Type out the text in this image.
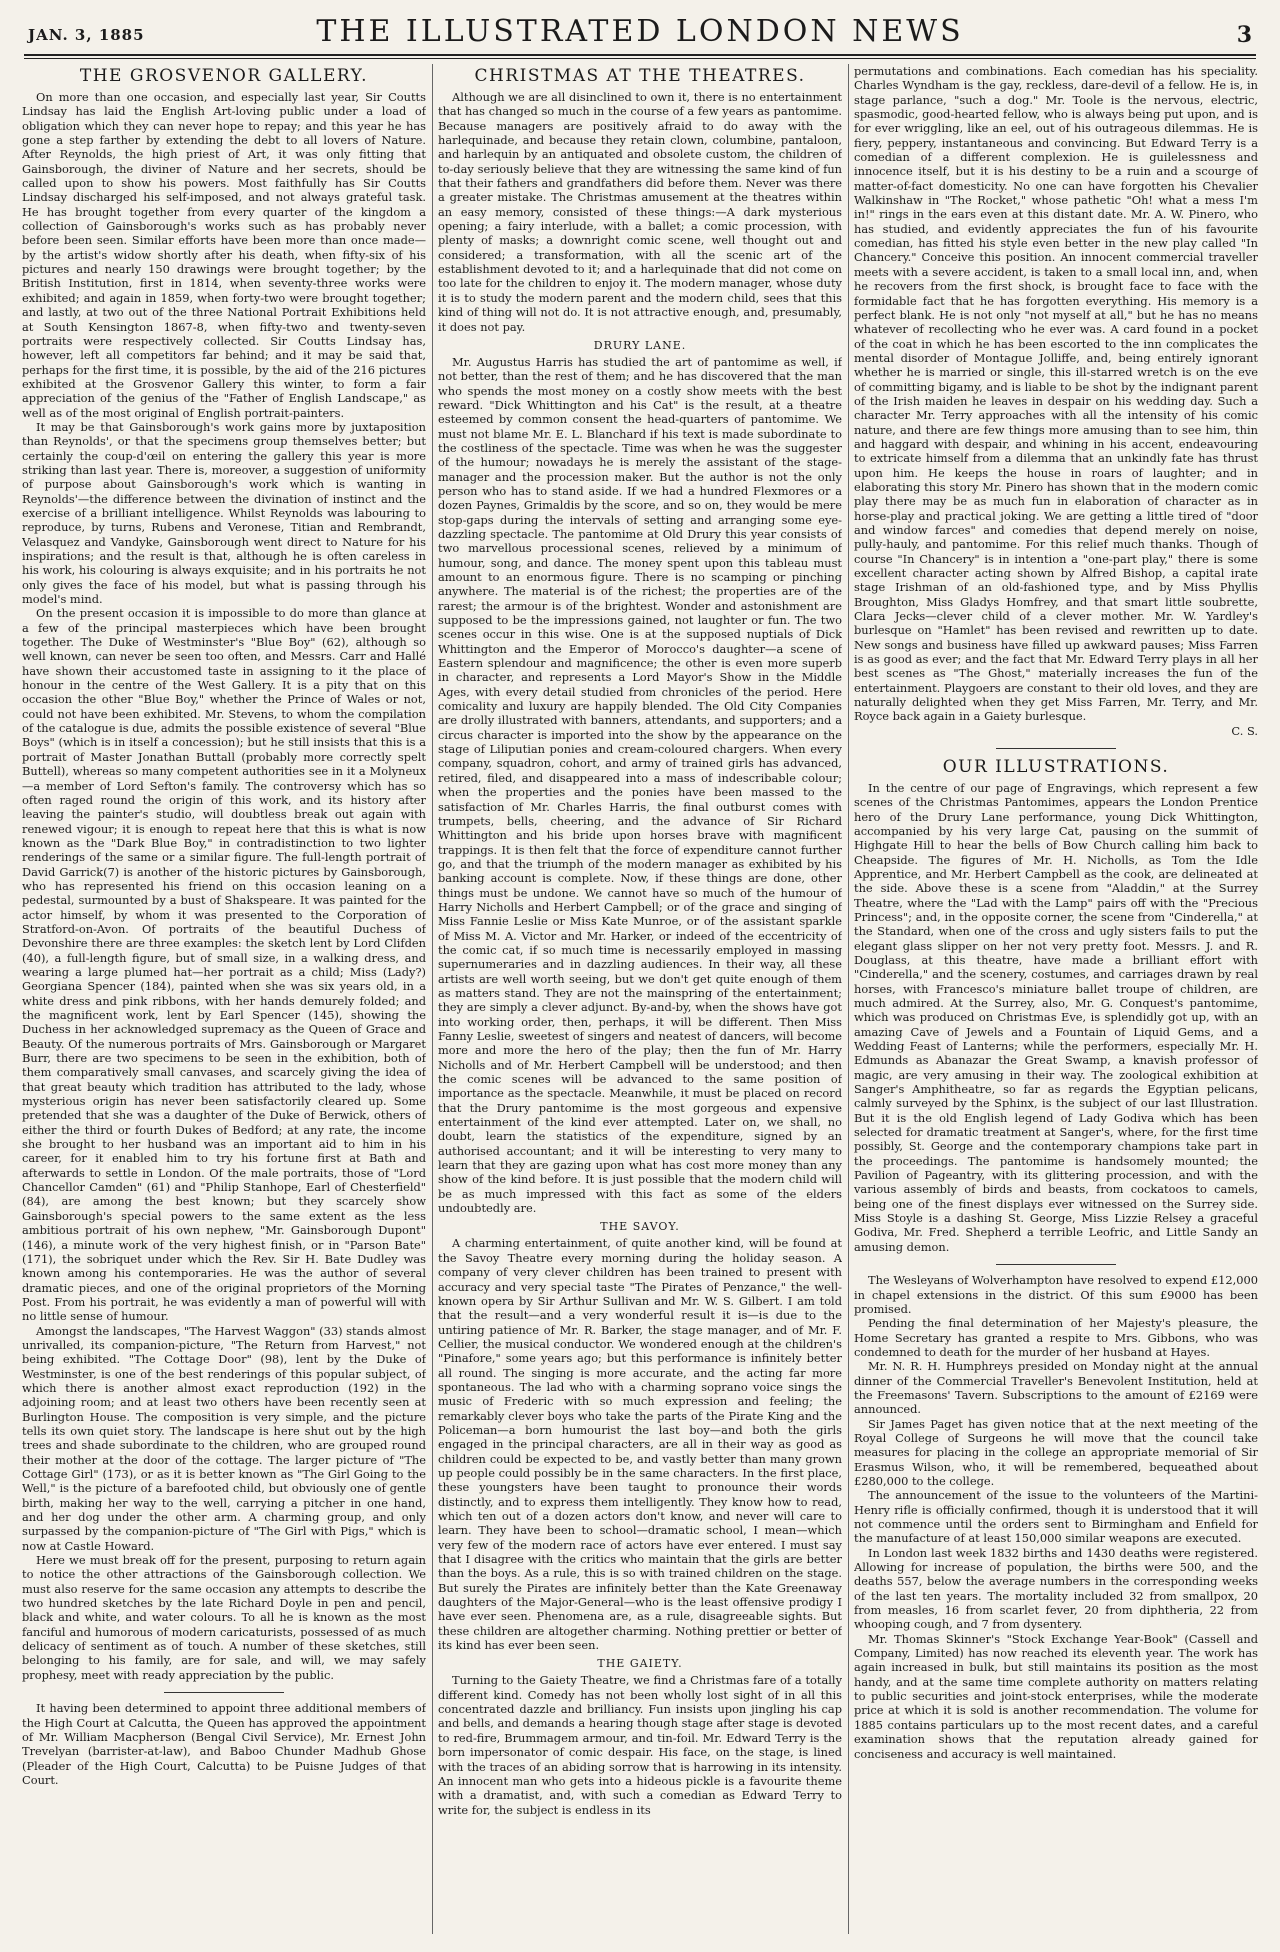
JAN. 3, 1885	THE ILLUSTRATED LONDON NEWS	3
THE GROSVENOR GALLERY.

On more than one occasion, and especially last year, Sir Coutts Lindsay has laid the English Art-loving public under a load of obligation which they can never hope to repay; and this year he has gone a step farther by extending the debt to all lovers of Nature. After Reynolds, the high priest of Art, it was only fitting that Gainsborough, the diviner of Nature and her secrets, should be called upon to show his powers. Most faithfully has Sir Coutts Lindsay discharged his self-imposed, and not always grateful task. He has brought together from every quarter of the kingdom a collection of Gainsborough's works such as has probably never before been seen. Similar efforts have been more than once made—by the artist's widow shortly after his death, when fifty-six of his pictures and nearly 150 drawings were brought together; by the British Institution, first in 1814, when seventy-three works were exhibited; and again in 1859, when forty-two were brought together; and lastly, at two out of the three National Portrait Exhibitions held at South Kensington 1867-8, when fifty-two and twenty-seven portraits were respectively collected. Sir Coutts Lindsay has, however, left all competitors far behind; and it may be said that, perhaps for the first time, it is possible, by the aid of the 216 pictures exhibited at the Grosvenor Gallery this winter, to form a fair appreciation of the genius of the "Father of English Landscape," as well as of the most original of English portrait-painters.

It may be that Gainsborough's work gains more by juxtaposition than Reynolds', or that the specimens group themselves better; but certainly the coup-d'œil on entering the gallery this year is more striking than last year. There is, moreover, a suggestion of uniformity of purpose about Gainsborough's work which is wanting in Reynolds'—the difference between the divination of instinct and the exercise of a brilliant intelligence. Whilst Reynolds was labouring to reproduce, by turns, Rubens and Veronese, Titian and Rembrandt, Velasquez and Vandyke, Gainsborough went direct to Nature for his inspirations; and the result is that, although he is often careless in his work, his colouring is always exquisite; and in his portraits he not only gives the face of his model, but what is passing through his model's mind.

On the present occasion it is impossible to do more than glance at a few of the principal masterpieces which have been brought together. The Duke of Westminster's "Blue Boy" (62), although so well known, can never be seen too often, and Messrs. Carr and Hallé have shown their accustomed taste in assigning to it the place of honour in the centre of the West Gallery. It is a pity that on this occasion the other "Blue Boy," whether the Prince of Wales or not, could not have been exhibited. Mr. Stevens, to whom the compilation of the catalogue is due, admits the possible existence of several "Blue Boys" (which is in itself a concession); but he still insists that this is a portrait of Master Jonathan Buttall (probably more correctly spelt Buttell), whereas so many competent authorities see in it a Molyneux—a member of Lord Sefton's family. The controversy which has so often raged round the origin of this work, and its history after leaving the painter's studio, will doubtless break out again with renewed vigour; it is enough to repeat here that this is what is now known as the "Dark Blue Boy," in contradistinction to two lighter renderings of the same or a similar figure. The full-length portrait of David Garrick(7) is another of the historic pictures by Gainsborough, who has represented his friend on this occasion leaning on a pedestal, surmounted by a bust of Shakspeare. It was painted for the actor himself, by whom it was presented to the Corporation of Stratford-on-Avon. Of portraits of the beautiful Duchess of Devonshire there are three examples: the sketch lent by Lord Clifden (40), a full-length figure, but of small size, in a walking dress, and wearing a large plumed hat—her portrait as a child; Miss (Lady?) Georgiana Spencer (184), painted when she was six years old, in a white dress and pink ribbons, with her hands demurely folded; and the magnificent work, lent by Earl Spencer (145), showing the Duchess in her acknowledged supremacy as the Queen of Grace and Beauty. Of the numerous portraits of Mrs. Gainsborough or Margaret Burr, there are two specimens to be seen in the exhibition, both of them comparatively small canvases, and scarcely giving the idea of that great beauty which tradition has attributed to the lady, whose mysterious origin has never been satisfactorily cleared up. Some pretended that she was a daughter of the Duke of Berwick, others of either the third or fourth Dukes of Bedford; at any rate, the income she brought to her husband was an important aid to him in his career, for it enabled him to try his fortune first at Bath and afterwards to settle in London. Of the male portraits, those of "Lord Chancellor Camden" (61) and "Philip Stanhope, Earl of Chesterfield" (84), are among the best known; but they scarcely show Gainsborough's special powers to the same extent as the less ambitious portrait of his own nephew, "Mr. Gainsborough Dupont" (146), a minute work of the very highest finish, or in "Parson Bate" (171), the sobriquet under which the Rev. Sir H. Bate Dudley was known among his contemporaries. He was the author of several dramatic pieces, and one of the original proprietors of the Morning Post. From his portrait, he was evidently a man of powerful will with no little sense of humour.

Amongst the landscapes, "The Harvest Waggon" (33) stands almost unrivalled, its companion-picture, "The Return from Harvest," not being exhibited. "The Cottage Door" (98), lent by the Duke of Westminster, is one of the best renderings of this popular subject, of which there is another almost exact reproduction (192) in the adjoining room; and at least two others have been recently seen at Burlington House. The composition is very simple, and the picture tells its own quiet story. The landscape is here shut out by the high trees and shade subordinate to the children, who are grouped round their mother at the door of the cottage. The larger picture of "The Cottage Girl" (173), or as it is better known as "The Girl Going to the Well," is the picture of a barefooted child, but obviously one of gentle birth, making her way to the well, carrying a pitcher in one hand, and her dog under the other arm. A charming group, and only surpassed by the companion-picture of "The Girl with Pigs," which is now at Castle Howard.

Here we must break off for the present, purposing to return again to notice the other attractions of the Gainsborough collection. We must also reserve for the same occasion any attempts to describe the two hundred sketches by the late Richard Doyle in pen and pencil, black and white, and water colours. To all he is known as the most fanciful and humorous of modern caricaturists, possessed of as much delicacy of sentiment as of touch. A number of these sketches, still belonging to his family, are for sale, and will, we may safely prophesy, meet with ready appreciation by the public.

It having been determined to appoint three additional members of the High Court at Calcutta, the Queen has approved the appointment of Mr. William Macpherson (Bengal Civil Service), Mr. Ernest John Trevelyan (barrister-at-law), and Baboo Chunder Madhub Ghose (Pleader of the High Court, Calcutta) to be Puisne Judges of that Court.

CHRISTMAS AT THE THEATRES.

Although we are all disinclined to own it, there is no entertainment that has changed so much in the course of a few years as pantomime. Because managers are positively afraid to do away with the harlequinade, and because they retain clown, columbine, pantaloon, and harlequin by an antiquated and obsolete custom, the children of to-day seriously believe that they are witnessing the same kind of fun that their fathers and grandfathers did before them. Never was there a greater mistake. The Christmas amusement at the theatres within an easy memory, consisted of these things:—A dark mysterious opening; a fairy interlude, with a ballet; a comic procession, with plenty of masks; a downright comic scene, well thought out and considered; a transformation, with all the scenic art of the establishment devoted to it; and a harlequinade that did not come on too late for the children to enjoy it. The modern manager, whose duty it is to study the modern parent and the modern child, sees that this kind of thing will not do. It is not attractive enough, and, presumably, it does not pay.

DRURY LANE.

Mr. Augustus Harris has studied the art of pantomime as well, if not better, than the rest of them; and he has discovered that the man who spends the most money on a costly show meets with the best reward. "Dick Whittington and his Cat" is the result, at a theatre esteemed by common consent the head-quarters of pantomime. We must not blame Mr. E. L. Blanchard if his text is made subordinate to the costliness of the spectacle. Time was when he was the suggester of the humour; nowadays he is merely the assistant of the stage-manager and the procession maker. But the author is not the only person who has to stand aside. If we had a hundred Flexmores or a dozen Paynes, Grimaldis by the score, and so on, they would be mere stop-gaps during the intervals of setting and arranging some eye-dazzling spectacle. The pantomime at Old Drury this year consists of two marvellous processional scenes, relieved by a minimum of humour, song, and dance. The money spent upon this tableau must amount to an enormous figure. There is no scamping or pinching anywhere. The material is of the richest; the properties are of the rarest; the armour is of the brightest. Wonder and astonishment are supposed to be the impressions gained, not laughter or fun. The two scenes occur in this wise. One is at the supposed nuptials of Dick Whittington and the Emperor of Morocco's daughter—a scene of Eastern splendour and magnificence; the other is even more superb in character, and represents a Lord Mayor's Show in the Middle Ages, with every detail studied from chronicles of the period. Here comicality and luxury are happily blended. The Old City Companies are drolly illustrated with banners, attendants, and supporters; and a circus character is imported into the show by the appearance on the stage of Liliputian ponies and cream-coloured chargers. When every company, squadron, cohort, and army of trained girls has advanced, retired, filed, and disappeared into a mass of indescribable colour; when the properties and the ponies have been massed to the satisfaction of Mr. Charles Harris, the final outburst comes with trumpets, bells, cheering, and the advance of Sir Richard Whittington and his bride upon horses brave with magnificent trappings. It is then felt that the force of expenditure cannot further go, and that the triumph of the modern manager as exhibited by his banking account is complete. Now, if these things are done, other things must be undone. We cannot have so much of the humour of Harry Nicholls and Herbert Campbell; or of the grace and singing of Miss Fannie Leslie or Miss Kate Munroe, or of the assistant sparkle of Miss M. A. Victor and Mr. Harker, or indeed of the eccentricity of the comic cat, if so much time is necessarily employed in massing supernumeraries and in dazzling audiences. In their way, all these artists are well worth seeing, but we don't get quite enough of them as matters stand. They are not the mainspring of the entertainment; they are simply a clever adjunct. By-and-by, when the shows have got into working order, then, perhaps, it will be different. Then Miss Fanny Leslie, sweetest of singers and neatest of dancers, will become more and more the hero of the play; then the fun of Mr. Harry Nicholls and of Mr. Herbert Campbell will be understood; and then the comic scenes will be advanced to the same position of importance as the spectacle. Meanwhile, it must be placed on record that the Drury pantomime is the most gorgeous and expensive entertainment of the kind ever attempted. Later on, we shall, no doubt, learn the statistics of the expenditure, signed by an authorised accountant; and it will be interesting to very many to learn that they are gazing upon what has cost more money than any show of the kind before. It is just possible that the modern child will be as much impressed with this fact as some of the elders undoubtedly are.

THE SAVOY.

A charming entertainment, of quite another kind, will be found at the Savoy Theatre every morning during the holiday season. A company of very clever children has been trained to present with accuracy and very special taste "The Pirates of Penzance," the well-known opera by Sir Arthur Sullivan and Mr. W. S. Gilbert. I am told that the result—and a very wonderful result it is—is due to the untiring patience of Mr. R. Barker, the stage manager, and of Mr. F. Cellier, the musical conductor. We wondered enough at the children's "Pinafore," some years ago; but this performance is infinitely better all round. The singing is more accurate, and the acting far more spontaneous. The lad who with a charming soprano voice sings the music of Frederic with so much expression and feeling; the remarkably clever boys who take the parts of the Pirate King and the Policeman—a born humourist the last boy—and both the girls engaged in the principal characters, are all in their way as good as children could be expected to be, and vastly better than many grown up people could possibly be in the same characters. In the first place, these youngsters have been taught to pronounce their words distinctly, and to express them intelligently. They know how to read, which ten out of a dozen actors don't know, and never will care to learn. They have been to school—dramatic school, I mean—which very few of the modern race of actors have ever entered. I must say that I disagree with the critics who maintain that the girls are better than the boys. As a rule, this is so with trained children on the stage. But surely the Pirates are infinitely better than the Kate Greenaway daughters of the Major-General—who is the least offensive prodigy I have ever seen. Phenomena are, as a rule, disagreeable sights. But these children are altogether charming. Nothing prettier or better of its kind has ever been seen.

THE GAIETY.

Turning to the Gaiety Theatre, we find a Christmas fare of a totally different kind. Comedy has not been wholly lost sight of in all this concentrated dazzle and brilliancy. Fun insists upon jingling his cap and bells, and demands a hearing though stage after stage is devoted to red-fire, Brummagem armour, and tin-foil. Mr. Edward Terry is the born impersonator of comic despair. His face, on the stage, is lined with the traces of an abiding sorrow that is harrowing in its intensity. An innocent man who gets into a hideous pickle is a favourite theme with a dramatist, and, with such a comedian as Edward Terry to write for, the subject is endless in its

permutations and combinations. Each comedian has his speciality. Charles Wyndham is the gay, reckless, dare-devil of a fellow. He is, in stage parlance, "such a dog." Mr. Toole is the nervous, electric, spasmodic, good-hearted fellow, who is always being put upon, and is for ever wriggling, like an eel, out of his outrageous dilemmas. He is fiery, peppery, instantaneous and convincing. But Edward Terry is a comedian of a different complexion. He is guilelessness and innocence itself, but it is his destiny to be a ruin and a scourge of matter-of-fact domesticity. No one can have forgotten his Chevalier Walkinshaw in "The Rocket," whose pathetic "Oh! what a mess I'm in!" rings in the ears even at this distant date. Mr. A. W. Pinero, who has studied, and evidently appreciates the fun of his favourite comedian, has fitted his style even better in the new play called "In Chancery." Conceive this position. An innocent commercial traveller meets with a severe accident, is taken to a small local inn, and, when he recovers from the first shock, is brought face to face with the formidable fact that he has forgotten everything. His memory is a perfect blank. He is not only "not myself at all," but he has no means whatever of recollecting who he ever was. A card found in a pocket of the coat in which he has been escorted to the inn complicates the mental disorder of Montague Jolliffe, and, being entirely ignorant whether he is married or single, this ill-starred wretch is on the eve of committing bigamy, and is liable to be shot by the indignant parent of the Irish maiden he leaves in despair on his wedding day. Such a character Mr. Terry approaches with all the intensity of his comic nature, and there are few things more amusing than to see him, thin and haggard with despair, and whining in his accent, endeavouring to extricate himself from a dilemma that an unkindly fate has thrust upon him. He keeps the house in roars of laughter; and in elaborating this story Mr. Pinero has shown that in the modern comic play there may be as much fun in elaboration of character as in horse-play and practical joking. We are getting a little tired of "door and window farces" and comedies that depend merely on noise, pully-hauly, and pantomime. For this relief much thanks. Though of course "In Chancery" is in intention a "one-part play," there is some excellent character acting shown by Alfred Bishop, a capital irate stage Irishman of an old-fashioned type, and by Miss Phyllis Broughton, Miss Gladys Homfrey, and that smart little soubrette, Clara Jecks—clever child of a clever mother. Mr. W. Yardley's burlesque on "Hamlet" has been revised and rewritten up to date. New songs and business have filled up awkward pauses; Miss Farren is as good as ever; and the fact that Mr. Edward Terry plays in all her best scenes as "The Ghost," materially increases the fun of the entertainment. Playgoers are constant to their old loves, and they are naturally delighted when they get Miss Farren, Mr. Terry, and Mr. Royce back again in a Gaiety burlesque.

C. S.
OUR ILLUSTRATIONS.

In the centre of our page of Engravings, which represent a few scenes of the Christmas Pantomimes, appears the London Prentice hero of the Drury Lane performance, young Dick Whittington, accompanied by his very large Cat, pausing on the summit of Highgate Hill to hear the bells of Bow Church calling him back to Cheapside. The figures of Mr. H. Nicholls, as Tom the Idle Apprentice, and Mr. Herbert Campbell as the cook, are delineated at the side. Above these is a scene from "Aladdin," at the Surrey Theatre, where the "Lad with the Lamp" pairs off with the "Precious Princess"; and, in the opposite corner, the scene from "Cinderella," at the Standard, when one of the cross and ugly sisters fails to put the elegant glass slipper on her not very pretty foot. Messrs. J. and R. Douglass, at this theatre, have made a brilliant effort with "Cinderella," and the scenery, costumes, and carriages drawn by real horses, with Francesco's miniature ballet troupe of children, are much admired. At the Surrey, also, Mr. G. Conquest's pantomime, which was produced on Christmas Eve, is splendidly got up, with an amazing Cave of Jewels and a Fountain of Liquid Gems, and a Wedding Feast of Lanterns; while the performers, especially Mr. H. Edmunds as Abanazar the Great Swamp, a knavish professor of magic, are very amusing in their way. The zoological exhibition at Sanger's Amphitheatre, so far as regards the Egyptian pelicans, calmly surveyed by the Sphinx, is the subject of our last Illustration. But it is the old English legend of Lady Godiva which has been selected for dramatic treatment at Sanger's, where, for the first time possibly, St. George and the contemporary champions take part in the proceedings. The pantomime is handsomely mounted; the Pavilion of Pageantry, with its glittering procession, and with the various assembly of birds and beasts, from cockatoos to camels, being one of the finest displays ever witnessed on the Surrey side. Miss Stoyle is a dashing St. George, Miss Lizzie Relsey a graceful Godiva, Mr. Fred. Shepherd a terrible Leofric, and Little Sandy an amusing demon.

The Wesleyans of Wolverhampton have resolved to expend £12,000 in chapel extensions in the district. Of this sum £9000 has been promised.

Pending the final determination of her Majesty's pleasure, the Home Secretary has granted a respite to Mrs. Gibbons, who was condemned to death for the murder of her husband at Hayes.

Mr. N. R. H. Humphreys presided on Monday night at the annual dinner of the Commercial Traveller's Benevolent Institution, held at the Freemasons' Tavern. Subscriptions to the amount of £2169 were announced.

Sir James Paget has given notice that at the next meeting of the Royal College of Surgeons he will move that the council take measures for placing in the college an appropriate memorial of Sir Erasmus Wilson, who, it will be remembered, bequeathed about £280,000 to the college.

The announcement of the issue to the volunteers of the Martini-Henry rifle is officially confirmed, though it is understood that it will not commence until the orders sent to Birmingham and Enfield for the manufacture of at least 150,000 similar weapons are executed.

In London last week 1832 births and 1430 deaths were registered. Allowing for increase of population, the births were 500, and the deaths 557, below the average numbers in the corresponding weeks of the last ten years. The mortality included 32 from smallpox, 20 from measles, 16 from scarlet fever, 20 from diphtheria, 22 from whooping cough, and 7 from dysentery.

Mr. Thomas Skinner's "Stock Exchange Year-Book" (Cassell and Company, Limited) has now reached its eleventh year. The work has again increased in bulk, but still maintains its position as the most handy, and at the same time complete authority on matters relating to public securities and joint-stock enterprises, while the moderate price at which it is sold is another recommendation. The volume for 1885 contains particulars up to the most recent dates, and a careful examination shows that the reputation already gained for conciseness and accuracy is well maintained.
